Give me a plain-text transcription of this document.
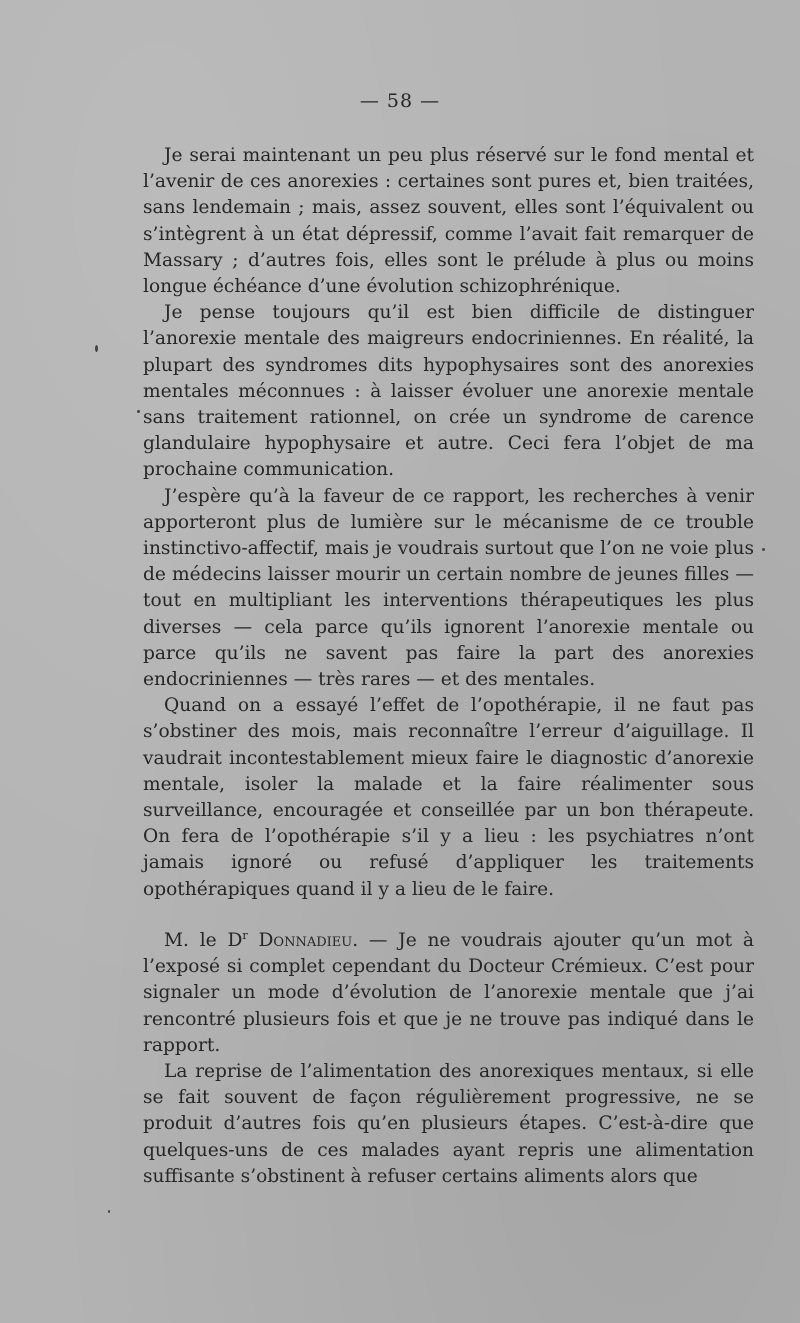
— 58 —

Je serai maintenant un peu plus réservé sur le fond mental et l’avenir de ces anorexies : certaines sont pures et, bien traitées, sans lendemain ; mais, assez souvent, elles sont l’équivalent ou s’intègrent à un état dépressif, comme l’avait fait remarquer de Massary ; d’autres fois, elles sont le prélude à plus ou moins longue échéance d’une évolution schizophrénique.

Je pense toujours qu’il est bien difficile de distinguer l’anorexie mentale des maigreurs endocriniennes. En réalité, la plupart des syndromes dits hypophysaires sont des anorexies mentales méconnues : à laisser évoluer une anorexie mentale sans traitement rationnel, on crée un syndrome de carence glandulaire hypophysaire et autre. Ceci fera l’objet de ma prochaine communication.

J’espère qu’à la faveur de ce rapport, les recherches à venir apporteront plus de lumière sur le mécanisme de ce trouble instinctivo-affectif, mais je voudrais surtout que l’on ne voie plus de médecins laisser mourir un certain nombre de jeunes filles — tout en multipliant les interventions thérapeutiques les plus diverses — cela parce qu’ils ignorent l’anorexie mentale ou parce qu’ils ne savent pas faire la part des anorexies endocriniennes — très rares — et des mentales.

Quand on a essayé l’effet de l’opothérapie, il ne faut pas s’obstiner des mois, mais reconnaître l’erreur d’aiguillage. Il vaudrait incontestablement mieux faire le diagnostic d’anorexie mentale, isoler la malade et la faire réalimenter sous surveillance, encouragée et conseillée par un bon thérapeute. On fera de l’opothérapie s’il y a lieu : les psychiatres n’ont jamais ignoré ou refusé d’appliquer les traitements opothérapiques quand il y a lieu de le faire.

M. le $D^r$ Donnadieu. — Je ne voudrais ajouter qu’un mot à l’exposé si complet cependant du Docteur Crémieux. C’est pour signaler un mode d’évolution de l’anorexie mentale que j’ai rencontré plusieurs fois et que je ne trouve pas indiqué dans le rapport.

La reprise de l’alimentation des anorexiques mentaux, si elle se fait souvent de façon régulièrement progressive, ne se produit d’autres fois qu’en plusieurs étapes. C’est-à-dire que quelques-uns de ces malades ayant repris une alimentation suffisante s’obstinent à refuser certains aliments alors que
